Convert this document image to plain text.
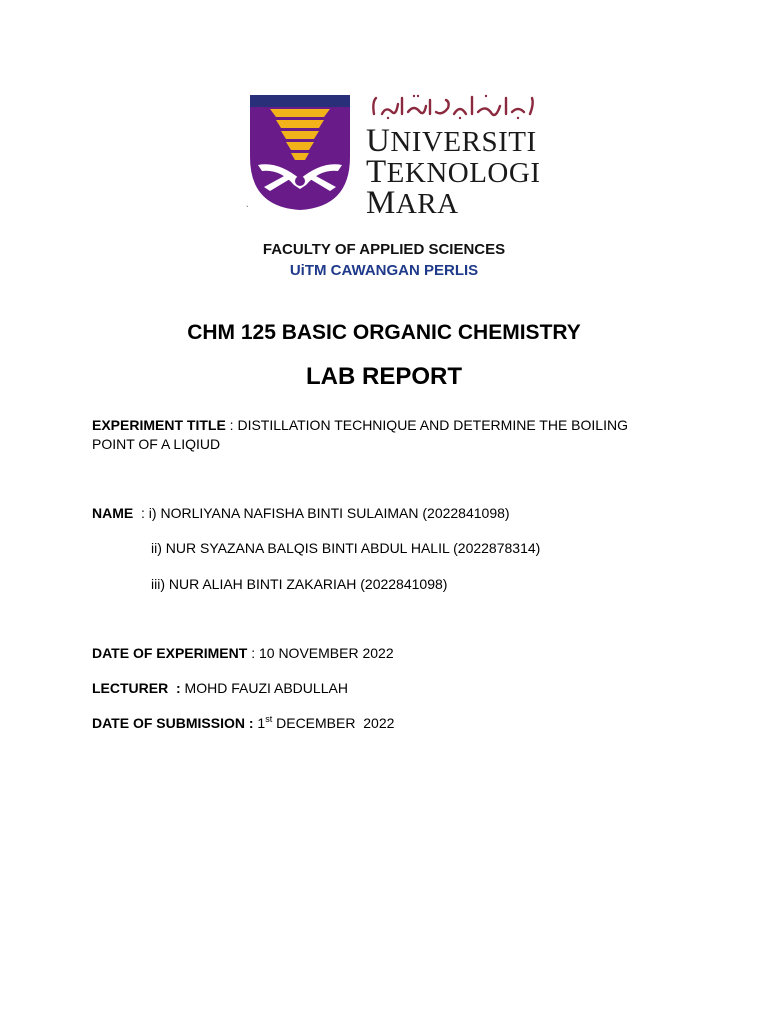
UNIVERSITI
TEKNOLOGI
MARA
`
FACULTY OF APPLIED SCIENCES
UiTM CAWANGAN PERLIS
CHM 125 BASIC ORGANIC CHEMISTRY
LAB REPORT
EXPERIMENT TITLE : DISTILLATION TECHNIQUE AND DETERMINE THE BOILING POINT OF A LIQIUD
NAME  : i) NORLIYANA NAFISHA BINTI SULAIMAN (2022841098)
ii) NUR SYAZANA BALQIS BINTI ABDUL HALIL (2022878314)
iii) NUR ALIAH BINTI ZAKARIAH (2022841098)
DATE OF EXPERIMENT : 10 NOVEMBER 2022
LECTURER  : MOHD FAUZI ABDULLAH
DATE OF SUBMISSION : 1st DECEMBER  2022
